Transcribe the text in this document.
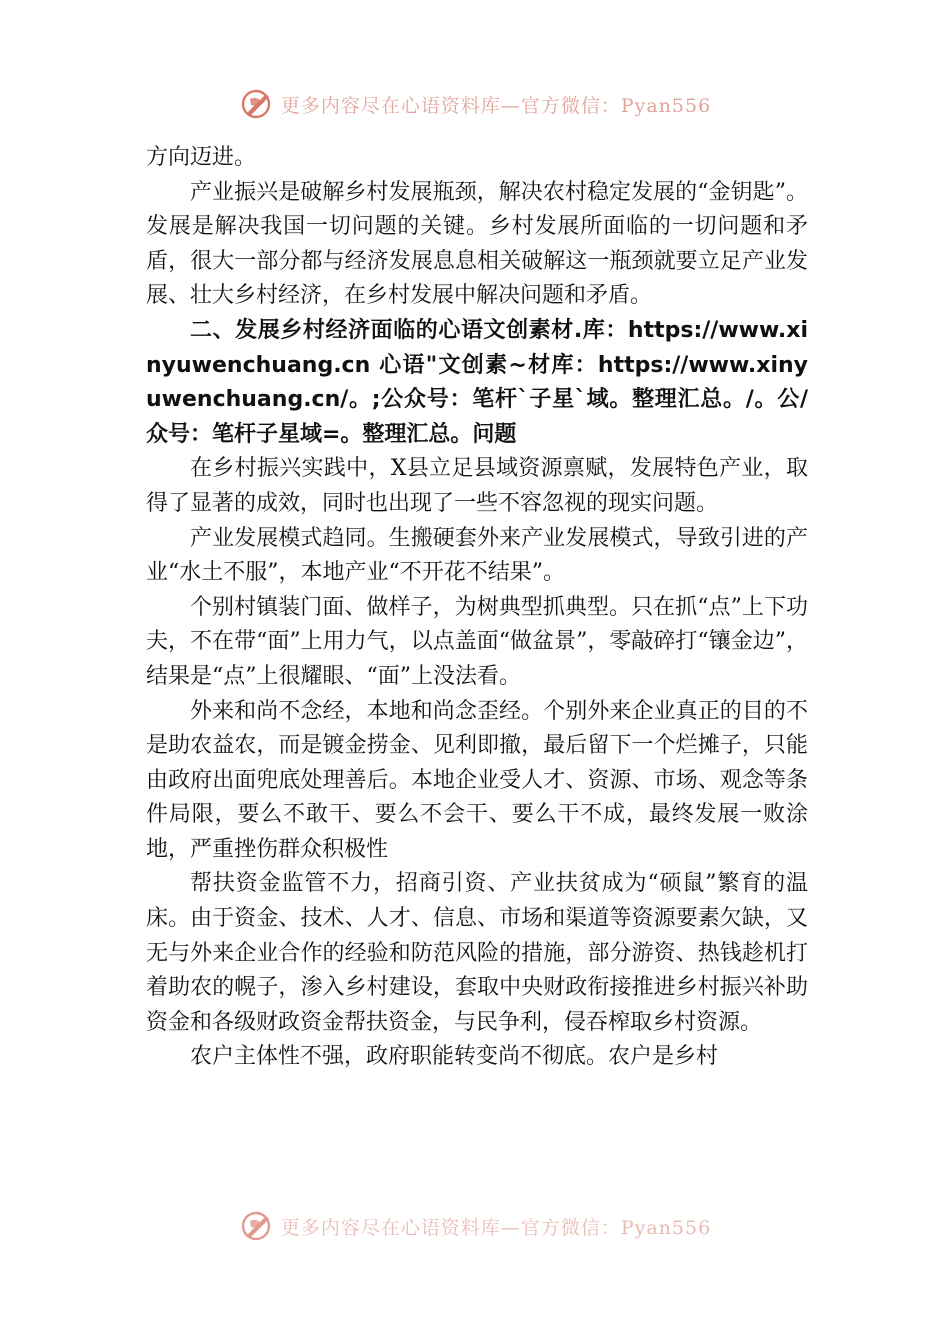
更多内容尽在心语资料库—官方微信：Pyan556

方向迈进。

产业振兴是破解乡村发展瓶颈，解决农村稳定发展的“金钥匙”。发展是解决我国一切问题的关键。乡村发展所面临的一切问题和矛盾，很大一部分都与经济发展息息相关破解这一瓶颈就要立足产业发展、壮大乡村经济，在乡村发展中解决问题和矛盾。

二、发展乡村经济面临的心语文创素材.库：https://www.xinyuwenchuang.cn 心语"文创素~材库：https://www.xinyuwenchuang.cn/。;公众号：笔杆`子星`域。整理汇总。/。公/众号：笔杆子星域=。整理汇总。问题

在乡村振兴实践中，X县立足县域资源禀赋，发展特色产业，取得了显著的成效，同时也出现了一些不容忽视的现实问题。

产业发展模式趋同。生搬硬套外来产业发展模式，导致引进的产业“水土不服”，本地产业“不开花不结果”。

个别村镇装门面、做样子，为树典型抓典型。只在抓“点”上下功夫，不在带“面”上用力气，以点盖面“做盆景”，零敲碎打“镶金边”，结果是“点”上很耀眼、“面”上没法看。

外来和尚不念经，本地和尚念歪经。个别外来企业真正的目的不是助农益农，而是镀金捞金、见利即撤，最后留下一个烂摊子，只能由政府出面兜底处理善后。本地企业受人才、资源、市场、观念等条件局限，要么不敢干、要么不会干、要么干不成，最终发展一败涂地，严重挫伤群众积极性

帮扶资金监管不力，招商引资、产业扶贫成为“硕鼠”繁育的温床。由于资金、技术、人才、信息、市场和渠道等资源要素欠缺，又无与外来企业合作的经验和防范风险的措施，部分游资、热钱趁机打着助农的幌子，渗入乡村建设，套取中央财政衔接推进乡村振兴补助资金和各级财政资金帮扶资金，与民争利，侵吞榨取乡村资源。

农户主体性不强，政府职能转变尚不彻底。农户是乡村

更多内容尽在心语资料库—官方微信：Pyan556
